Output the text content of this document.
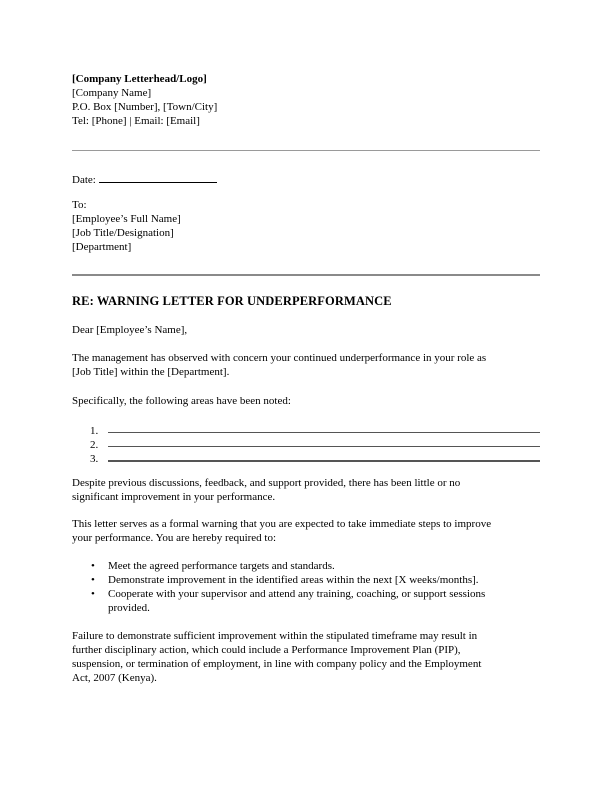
[Company Letterhead/Logo]
[Company Name]
P.O. Box [Number], [Town/City]
Tel: [Phone] | Email: [Email]
Date:
To:
[Employee’s Full Name]
[Job Title/Designation]
[Department]
RE: WARNING LETTER FOR UNDERPERFORMANCE
Dear [Employee’s Name],
The management has observed with concern your continued underperformance in your role as
[Job Title] within the [Department].
Specifically, the following areas have been noted:
1.
2.
3.
Despite previous discussions, feedback, and support provided, there has been little or no
significant improvement in your performance.
This letter serves as a formal warning that you are expected to take immediate steps to improve
your performance. You are hereby required to:
• Meet the agreed performance targets and standards.
• Demonstrate improvement in the identified areas within the next [X weeks/months].
• Cooperate with your supervisor and attend any training, coaching, or support sessions
provided.
Failure to demonstrate sufficient improvement within the stipulated timeframe may result in
further disciplinary action, which could include a Performance Improvement Plan (PIP),
suspension, or termination of employment, in line with company policy and the Employment
Act, 2007 (Kenya).
